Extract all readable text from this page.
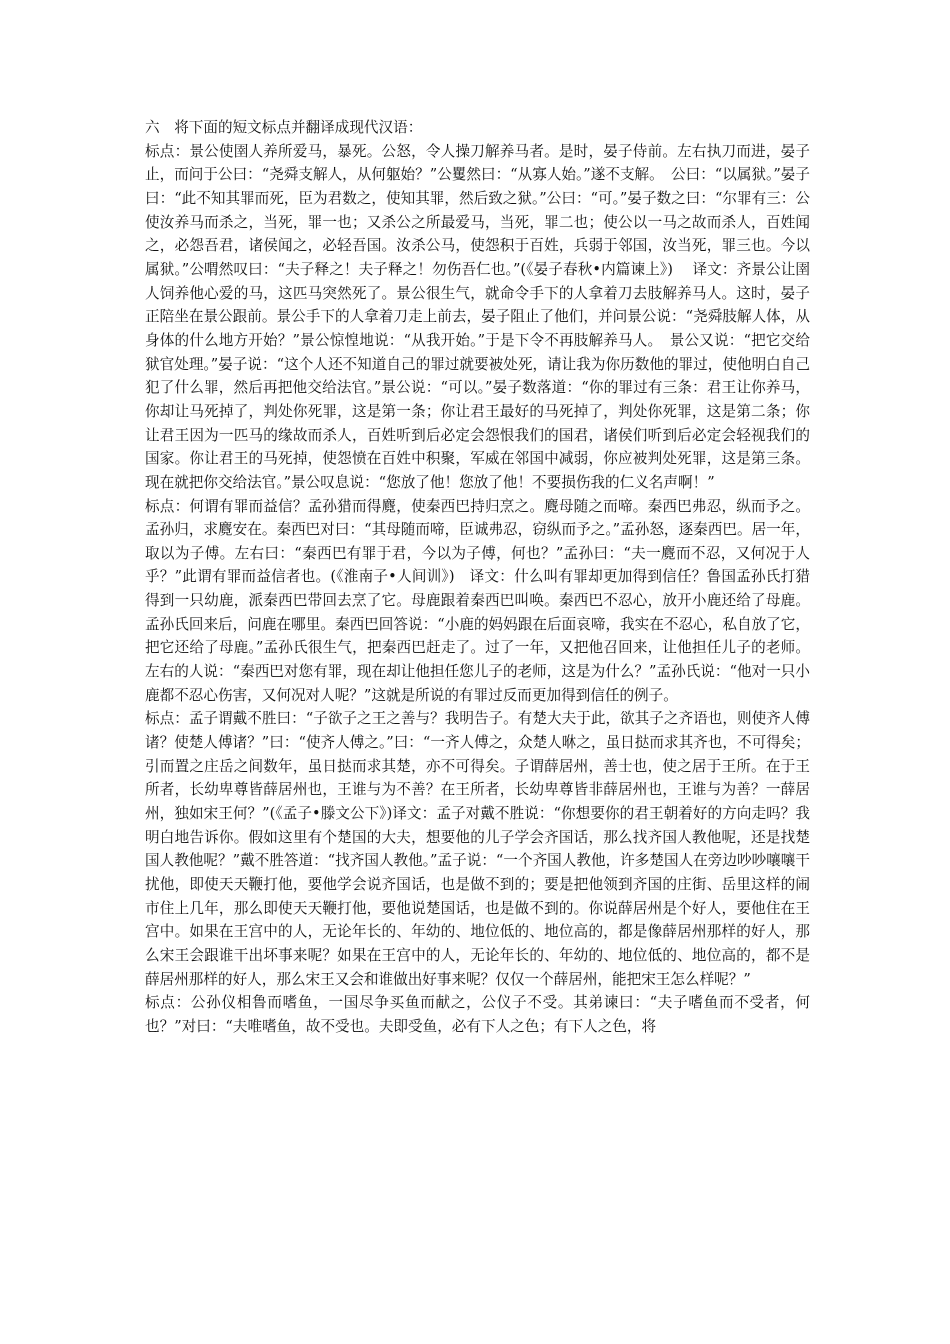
六　将下面的短文标点并翻译成现代汉语：

标点：景公使圉人养所爱马，暴死。公怒，令人操刀解养马者。是时，晏子侍前。左右执刀而进，晏子止，而问于公曰：“尧舜支解人，从何躯始？”公矍然曰：“从寡人始。”遂不支解。　公曰：“以属狱。”晏子曰：“此不知其罪而死，臣为君数之，使知其罪，然后致之狱。”公曰：“可。”晏子数之曰：“尔罪有三：公使汝养马而杀之，当死，罪一也；又杀公之所最爱马，当死，罪二也；使公以一马之故而杀人，百姓闻之，必怨吾君，诸侯闻之，必轻吾国。汝杀公马，使怨积于百姓，兵弱于邻国，汝当死，罪三也。今以属狱。”公喟然叹曰：“夫子释之！夫子释之！勿伤吾仁也。”(《晏子春秋•内篇谏上》)　 译文：齐景公让圉人饲养他心爱的马，这匹马突然死了。景公很生气，就命令手下的人拿着刀去肢解养马人。这时，晏子正陪坐在景公跟前。景公手下的人拿着刀走上前去，晏子阻止了他们，并问景公说：“尧舜肢解人体，从身体的什么地方开始？”景公惊惶地说：“从我开始。”于是下令不再肢解养马人。　景公又说：“把它交给狱官处理。”晏子说：“这个人还不知道自己的罪过就要被处死，请让我为你历数他的罪过，使他明白自己犯了什么罪，然后再把他交给法官。”景公说：“可以。”晏子数落道：“你的罪过有三条：君王让你养马，你却让马死掉了，判处你死罪，这是第一条；你让君王最好的马死掉了，判处你死罪，这是第二条；你让君王因为一匹马的缘故而杀人，百姓听到后必定会怨恨我们的国君，诸侯们听到后必定会轻视我们的国家。你让君王的马死掉，使怨愤在百姓中积聚，军威在邻国中减弱，你应被判处死罪，这是第三条。现在就把你交给法官。”景公叹息说：“您放了他！您放了他！不要损伤我的仁义名声啊！”

标点：何谓有罪而益信？孟孙猎而得麑，使秦西巴持归烹之。麑母随之而啼。秦西巴弗忍，纵而予之。孟孙归，求麑安在。秦西巴对曰：“其母随而啼，臣诚弗忍，窃纵而予之。”孟孙怒，逐秦西巴。居一年，取以为子傅。左右曰：“秦西巴有罪于君，今以为子傅，何也？”孟孙曰：“夫一麑而不忍，又何况于人乎？”此谓有罪而益信者也。(《淮南子•人间训》)　译文：什么叫有罪却更加得到信任？鲁国孟孙氏打猎得到一只幼鹿，派秦西巴带回去烹了它。母鹿跟着秦西巴叫唤。秦西巴不忍心，放开小鹿还给了母鹿。孟孙氏回来后，问鹿在哪里。秦西巴回答说：“小鹿的妈妈跟在后面哀啼，我实在不忍心，私自放了它，把它还给了母鹿。”孟孙氏很生气，把秦西巴赶走了。过了一年，又把他召回来，让他担任儿子的老师。左右的人说：“秦西巴对您有罪，现在却让他担任您儿子的老师，这是为什么？”孟孙氏说：“他对一只小鹿都不忍心伤害，又何况对人呢？”这就是所说的有罪过反而更加得到信任的例子。

标点：孟子谓戴不胜曰：“子欲子之王之善与？我明告子。有楚大夫于此，欲其子之齐语也，则使齐人傅诸？使楚人傅诸？”曰：“使齐人傅之。”曰：“一齐人傅之，众楚人咻之，虽日挞而求其齐也，不可得矣；引而置之庄岳之间数年，虽日挞而求其楚，亦不可得矣。子谓薛居州，善士也，使之居于王所。在于王所者，长幼卑尊皆薛居州也，王谁与为不善？在王所者，长幼卑尊皆非薛居州也，王谁与为善？一薛居州，独如宋王何？”(《孟子•滕文公下》)译文：孟子对戴不胜说：“你想要你的君王朝着好的方向走吗？我明白地告诉你。假如这里有个楚国的大夫，想要他的儿子学会齐国话，那么找齐国人教他呢，还是找楚国人教他呢？”戴不胜答道：“找齐国人教他。”孟子说：“一个齐国人教他，许多楚国人在旁边吵吵嚷嚷干扰他，即使天天鞭打他，要他学会说齐国话，也是做不到的；要是把他领到齐国的庄街、岳里这样的闹市住上几年，那么即使天天鞭打他，要他说楚国话，也是做不到的。你说薛居州是个好人，要他住在王宫中。如果在王宫中的人，无论年长的、年幼的、地位低的、地位高的，都是像薛居州那样的好人，那么宋王会跟谁干出坏事来呢？如果在王宫中的人，无论年长的、年幼的、地位低的、地位高的，都不是薛居州那样的好人，那么宋王又会和谁做出好事来呢？仅仅一个薛居州，能把宋王怎么样呢？”

标点：公孙仪相鲁而嗜鱼，一国尽争买鱼而献之，公仪子不受。其弟谏曰：“夫子嗜鱼而不受者，何也？”对曰：“夫唯嗜鱼，故不受也。夫即受鱼，必有下人之色；有下人之色，将
